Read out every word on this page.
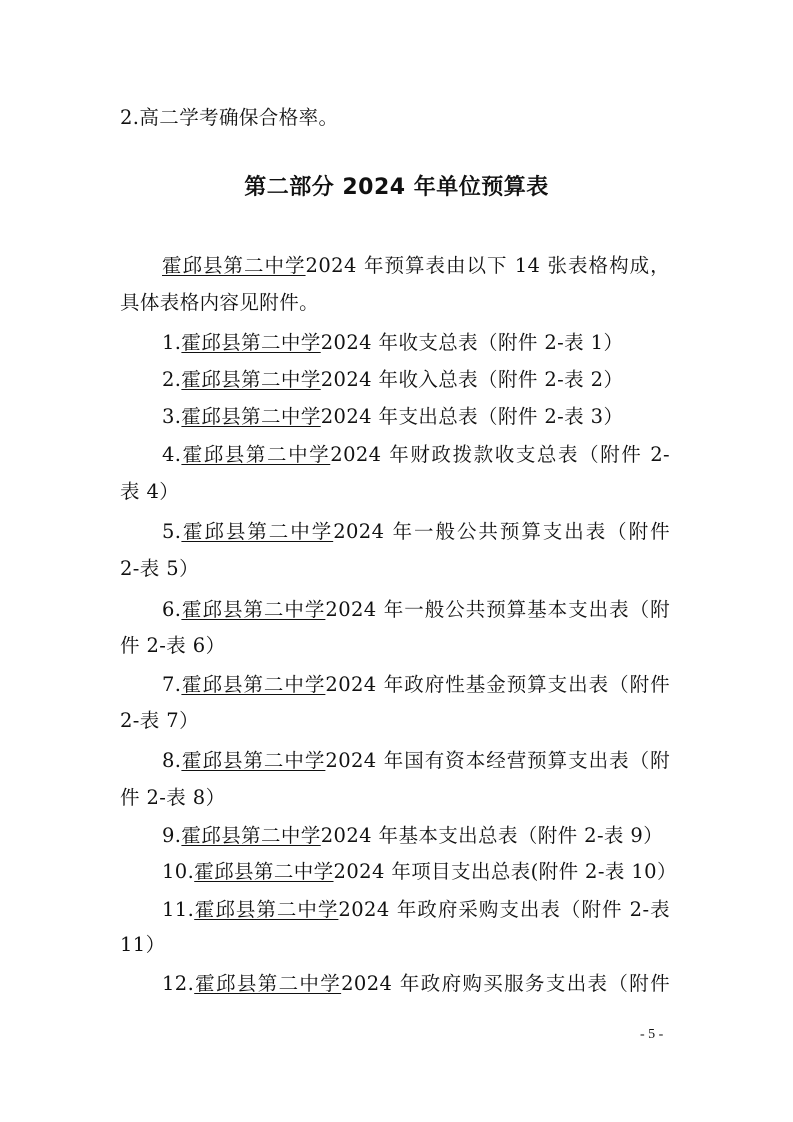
2.高二学考确保合格率。
第二部分 2024 年单位预算表
霍邱县第二中学2024 年预算表由以下 14 张表格构成，
具体表格内容见附件。
1.霍邱县第二中学2024 年收支总表（附件 2-表 1）
2.霍邱县第二中学2024 年收入总表（附件 2-表 2）
3.霍邱县第二中学2024 年支出总表（附件 2-表 3）
4.霍邱县第二中学2024 年财政拨款收支总表（附件 2-
表 4）
5.霍邱县第二中学2024 年一般公共预算支出表（附件
2-表 5）
6.霍邱县第二中学2024 年一般公共预算基本支出表（附
件 2-表 6）
7.霍邱县第二中学2024 年政府性基金预算支出表（附件
2-表 7）
8.霍邱县第二中学2024 年国有资本经营预算支出表（附
件 2-表 8）
9.霍邱县第二中学2024 年基本支出总表（附件 2-表 9）
10.霍邱县第二中学2024 年项目支出总表(附件 2-表 10）
11.霍邱县第二中学2024 年政府采购支出表（附件 2-表
11）
12.霍邱县第二中学2024 年政府购买服务支出表（附件
- 5 -
